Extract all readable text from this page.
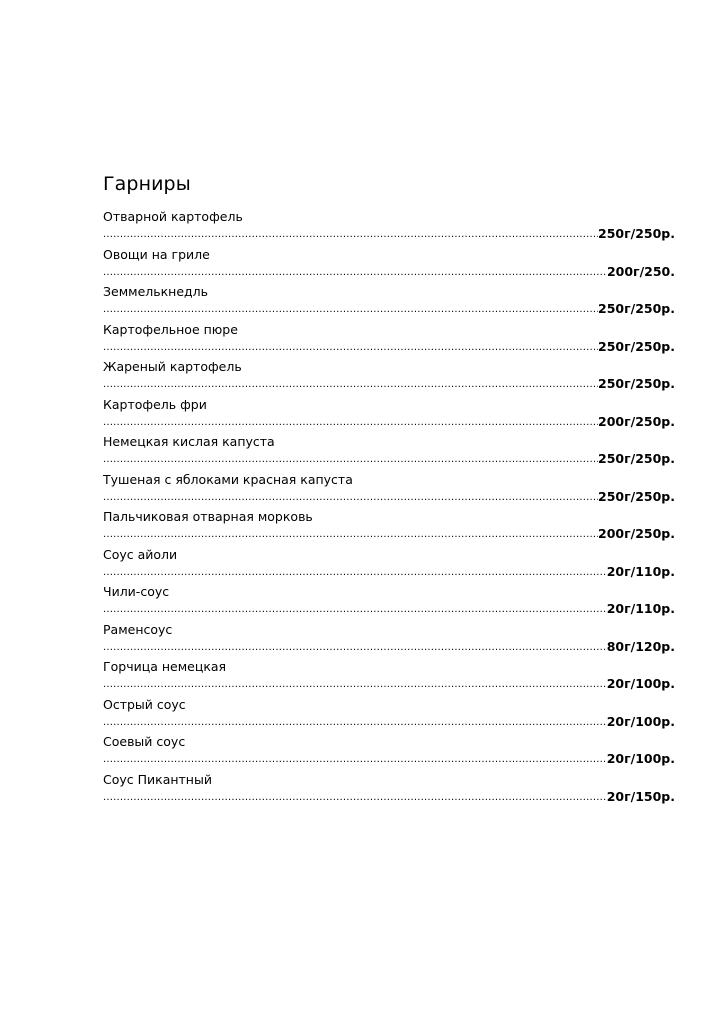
Гарниры
Отварной картофель
.....
250г/250р.
Овощи на гриле
.....
200г/250.
Земмелькнедль
.....
250г/250р.
Картофельное пюре
.....
250г/250р.
Жареный картофель
.....
250г/250р.
Картофель фри
.....
200г/250р.
Немецкая кислая капуста
.....
250г/250р.
Тушеная с яблоками красная капуста
.....
250г/250р.
Пальчиковая отварная морковь
.....
200г/250р.
Соус айоли
.....
20г/110р.
Чили-соус
.....
20г/110р.
Раменсоус
.....
80г/120р.
Горчица немецкая
.....
20г/100р.
Острый соус
.....
20г/100р.
Соевый соус
.....
20г/100р.
Соус Пикантный
.....
20г/150р.
